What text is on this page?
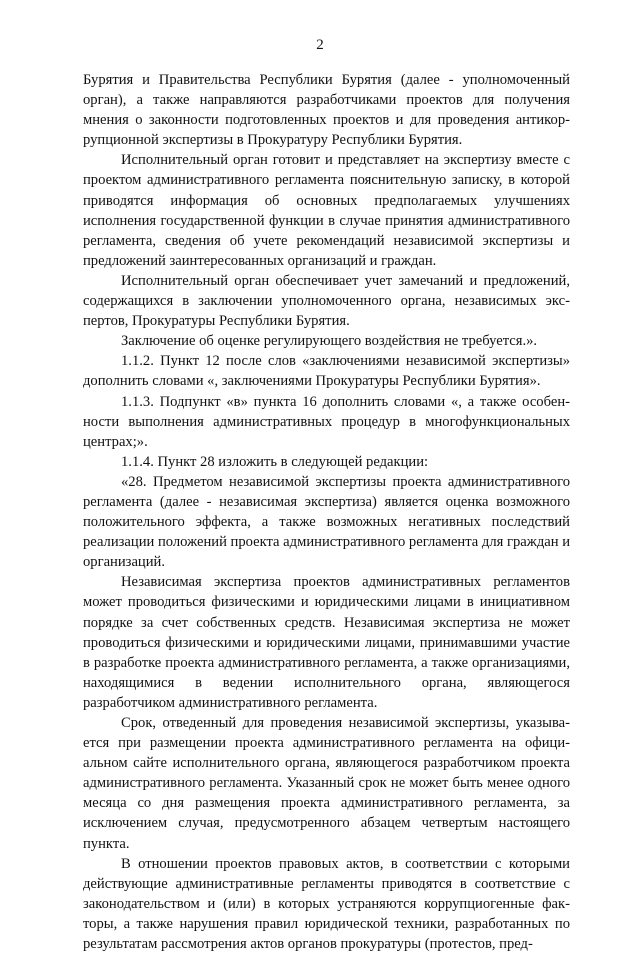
2

Бурятия и Правительства Республики Бурятия (далее - уполномоченный орган), а также направляются разработчиками проектов для получения мнения о законности подготовленных проектов и для проведения антикоррупционной экспертизы в Прокуратуру Республики Бурятия.

Исполнительный орган готовит и представляет на экспертизу вместе с проектом административного регламента пояснительную записку, в которой приводятся информация об основных предполагаемых улучшениях исполнения государственной функции в случае принятия административного регламента, сведения об учете рекомендаций независимой экспертизы и предложений заинтересованных организаций и граждан.

Исполнительный орган обеспечивает учет замечаний и предложений, содержащихся в заключении уполномоченного органа, независимых экспертов, Прокуратуры Республики Бурятия.

Заключение об оценке регулирующего воздействия не требуется.».

1.1.2. Пункт 12 после слов «заключениями независимой экспертизы» дополнить словами «, заключениями Прокуратуры Республики Бурятия».

1.1.3. Подпункт «в» пункта 16 дополнить словами «, а также особенности выполнения административных процедур в многофункциональных центрах;».

1.1.4. Пункт 28 изложить в следующей редакции:

«28. Предметом независимой экспертизы проекта административного регламента (далее - независимая экспертиза) является оценка возможного положительного эффекта, а также возможных негативных последствий реализации положений проекта административного регламента для граждан и организаций.

Независимая экспертиза проектов административных регламентов может проводиться физическими и юридическими лицами в инициативном порядке за счет собственных средств. Независимая экспертиза не может проводиться физическими и юридическими лицами, принимавшими участие в разработке проекта административного регламента, а также организациями, находящимися в ведении исполнительного органа, являющегося разработчиком административного регламента.

Срок, отведенный для проведения независимой экспертизы, указывается при размещении проекта административного регламента на официальном сайте исполнительного органа, являющегося разработчиком проекта административного регламента. Указанный срок не может быть менее одного месяца со дня размещения проекта административного регламента, за исключением случая, предусмотренного абзацем четвертым настоящего пункта.

В отношении проектов правовых актов, в соответствии с которыми действующие административные регламенты приводятся в соответствие с законодательством и (или) в которых устраняются коррупциогенные факторы, а также нарушения правил юридической техники, разработанных по результатам рассмотрения актов органов прокуратуры (протестов, пред-
